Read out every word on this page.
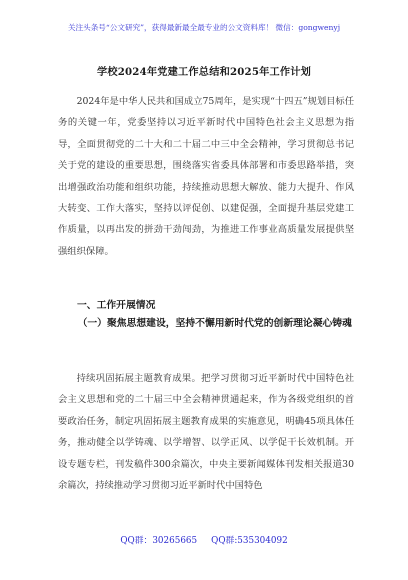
关注头条号“公文研究”，获得最新最全最专业的公文资料库！ 微信：gongwenyj
学校2024年党建工作总结和2025年工作计划

2024年是中华人民共和国成立75周年，是实现“十四五”规划目标任务的关键一年，党委坚持以习近平新时代中国特色社会主义思想为指导，全面贯彻党的二十大和二十届二中三中全会精神，学习贯彻总书记关于党的建设的重要思想，围绕落实省委具体部署和市委思路举措，突出增强政治功能和组织功能，持续推动思想大解放、能力大提升、作风大转变、工作大落实，坚持以评促创、以建促强，全面提升基层党建工作质量，以再出发的拼劲干劲闯劲，为推进工作事业高质量发展提供坚强组织保障。

一、工作开展情况
（一）聚焦思想建设，坚持不懈用新时代党的创新理论凝心铸魂

持续巩固拓展主题教育成果。把学习贯彻习近平新时代中国特色社会主义思想和党的二十届三中全会精神贯通起来，作为各级党组织的首要政治任务，制定巩固拓展主题教育成果的实施意见，明确45项具体任务，推动健全以学铸魂、以学增智、以学正风、以学促干长效机制。开设专题专栏，刊发稿件300余篇次，中央主要新闻媒体刊发相关报道30余篇次，持续推动学习贯彻习近平新时代中国特色

QQ群：30265665 QQ群:535304092
